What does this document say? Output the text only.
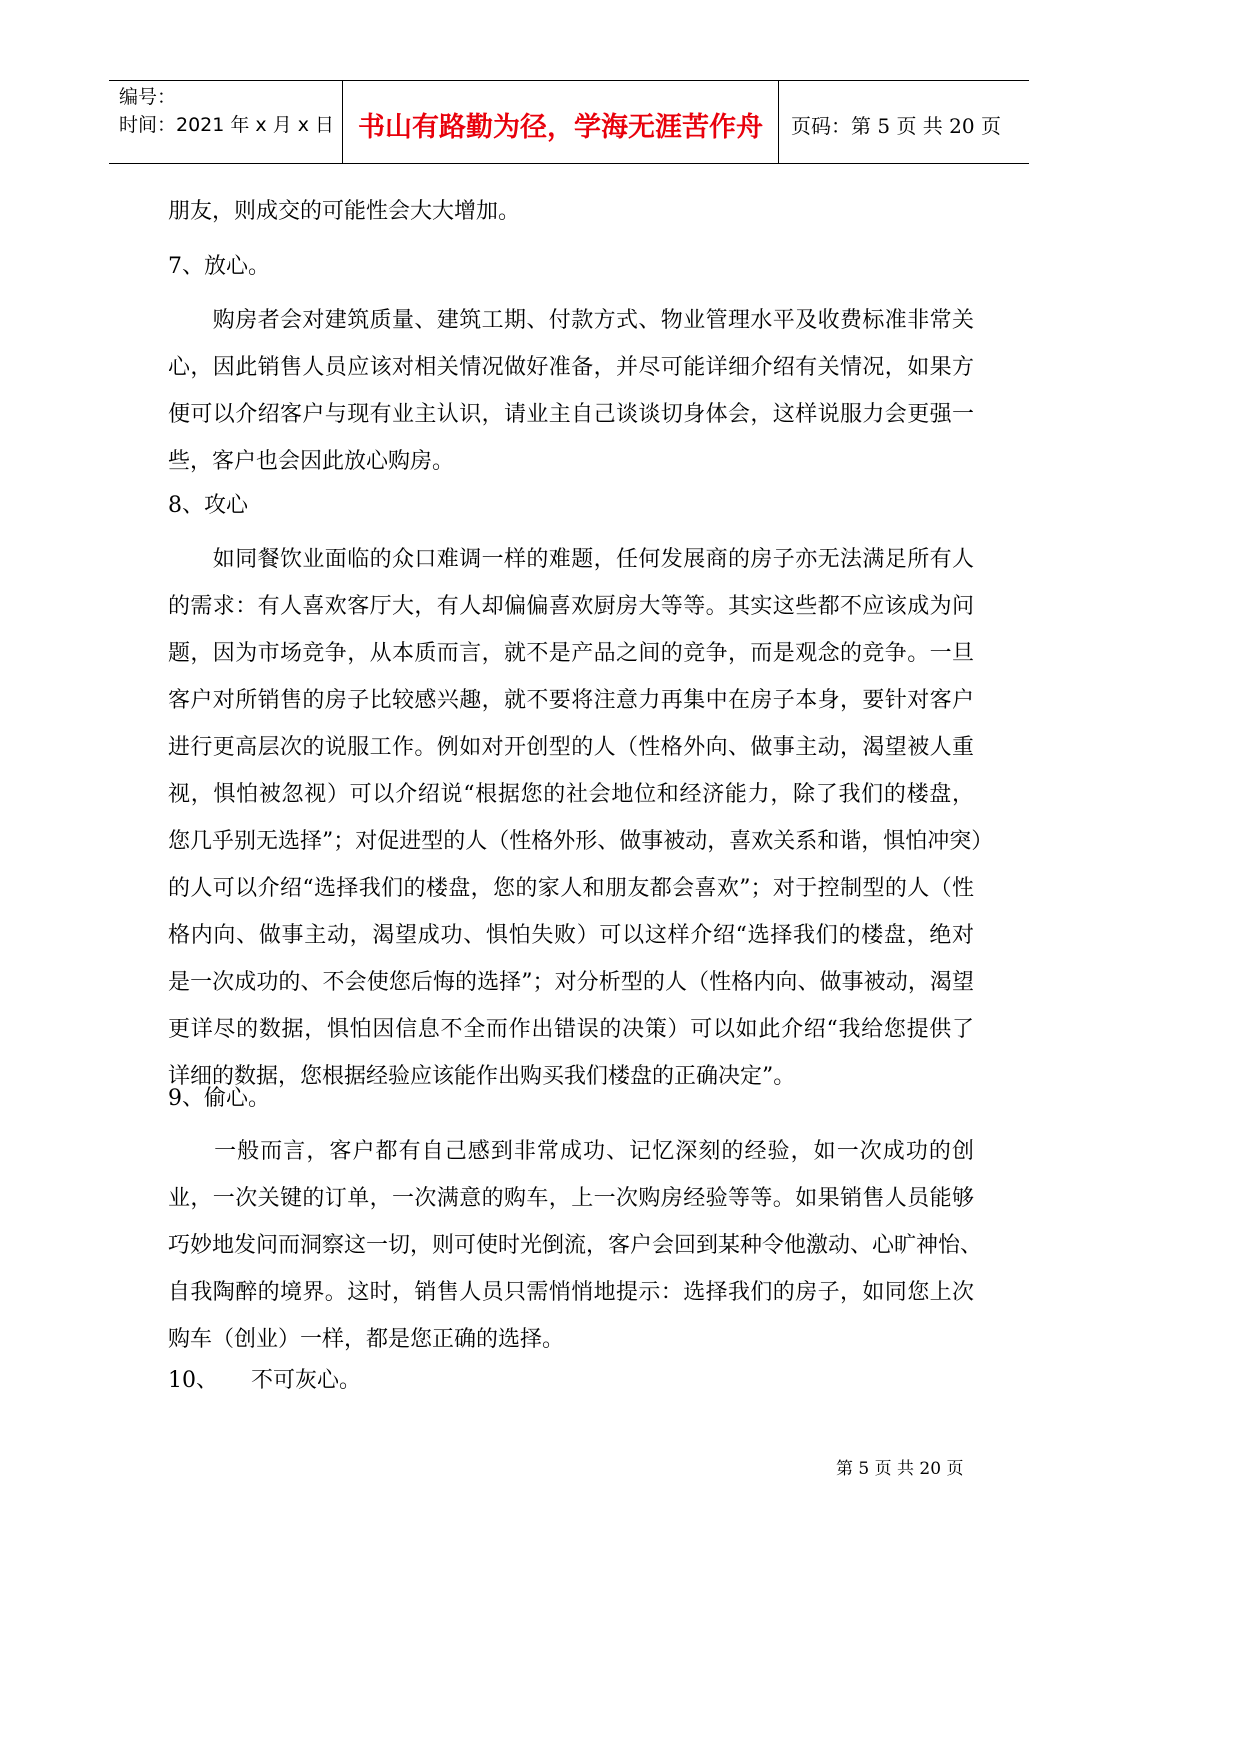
编号：
时间：2021 年 x 月 x 日 书山有路勤为径，学海无涯苦作舟	页码：第 5 页 共 20 页
朋友，则成交的可能性会大大增加。
7、放心。
　　购房者会对建筑质量、建筑工期、付款方式、物业管理水平及收费标准非常关
心，因此销售人员应该对相关情况做好准备，并尽可能详细介绍有关情况，如果方
便可以介绍客户与现有业主认识，请业主自己谈谈切身体会，这样说服力会更强一
些，客户也会因此放心购房。
8、攻心
　　如同餐饮业面临的众口难调一样的难题，任何发展商的房子亦无法满足所有人
的需求：有人喜欢客厅大，有人却偏偏喜欢厨房大等等。其实这些都不应该成为问
题，因为市场竞争，从本质而言，就不是产品之间的竞争，而是观念的竞争。一旦
客户对所销售的房子比较感兴趣，就不要将注意力再集中在房子本身，要针对客户
进行更高层次的说服工作。例如对开创型的人（性格外向、做事主动，渴望被人重
视，惧怕被忽视）可以介绍说“根据您的社会地位和经济能力，除了我们的楼盘，
您几乎别无选择”；对促进型的人（性格外形、做事被动，喜欢关系和谐，惧怕冲突）
的人可以介绍“选择我们的楼盘，您的家人和朋友都会喜欢”；对于控制型的人（性
格内向、做事主动，渴望成功、惧怕失败）可以这样介绍“选择我们的楼盘，绝对
是一次成功的、不会使您后悔的选择”；对分析型的人（性格内向、做事被动，渴望
更详尽的数据，惧怕因信息不全而作出错误的决策）可以如此介绍“我给您提供了
详细的数据，您根据经验应该能作出购买我们楼盘的正确决定”。
9、偷心。
　　一般而言，客户都有自己感到非常成功、记忆深刻的经验，如一次成功的创
业，一次关键的订单，一次满意的购车，上一次购房经验等等。如果销售人员能够
巧妙地发问而洞察这一切，则可使时光倒流，客户会回到某种令他激动、心旷神怡、
自我陶醉的境界。这时，销售人员只需悄悄地提示：选择我们的房子，如同您上次
购车（创业）一样，都是您正确的选择。
10、　　不可灰心。
第 5 页 共 20 页
